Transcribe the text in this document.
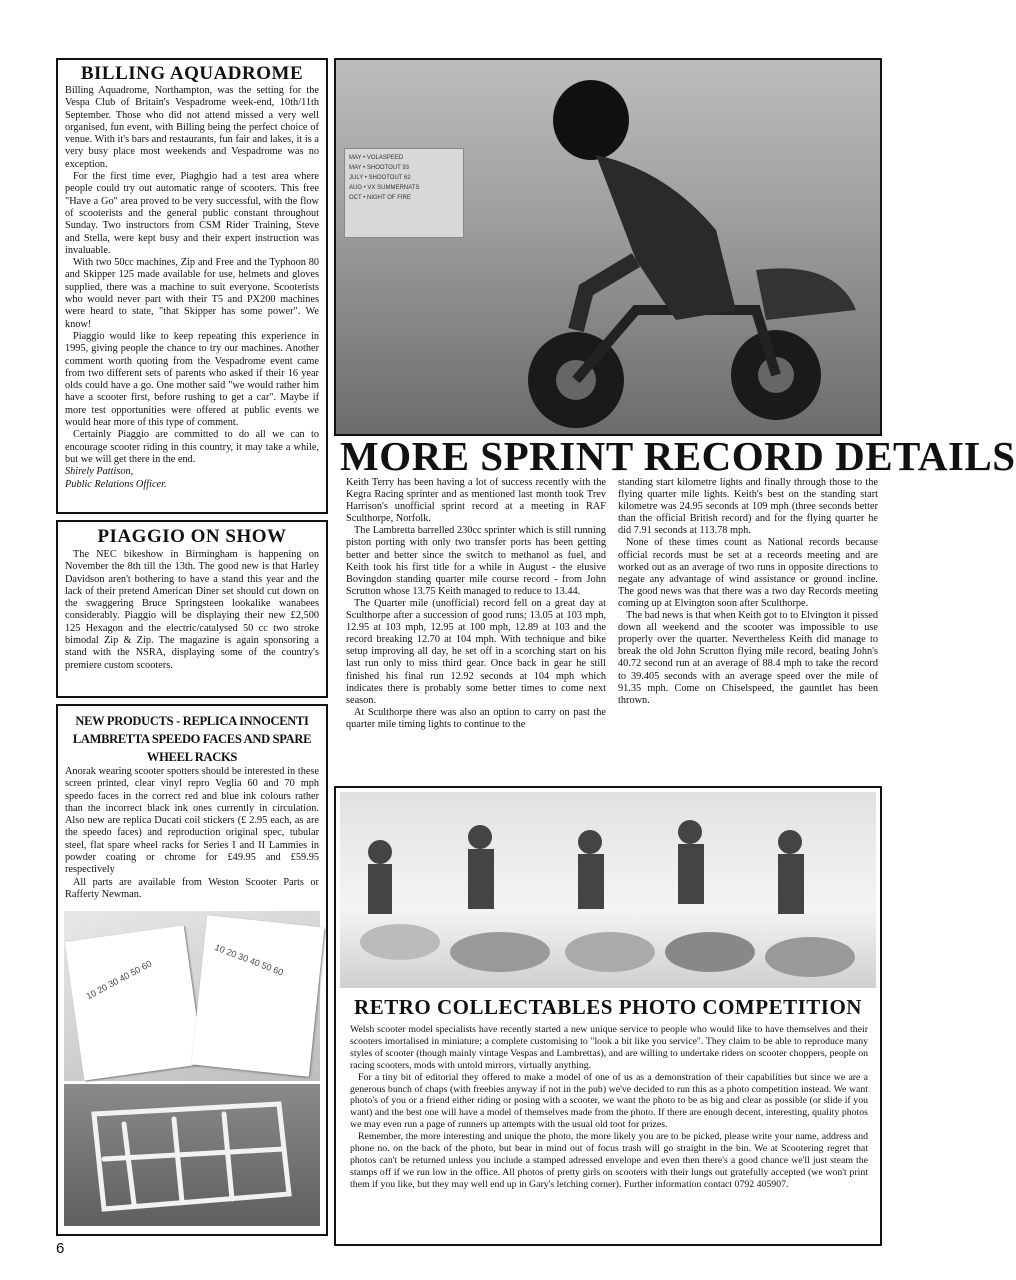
BILLING AQUADROME

Billing Aquadrome, Northampton, was the setting for the Vespa Club of Britain's Vespadrome week-end, 10th/11th September. Those who did not attend missed a very well organised, fun event, with Billing being the perfect choice of venue. With it's bars and restaurants, fun fair and lakes, it is a very busy place most weekends and Vespadrome was no exception.

For the first time ever, Piaghgio had a test area where people could try out automatic range of scooters. This free "Have a Go" area proved to be very successful, with the flow of scooterists and the general public constant throughout Sunday. Two instructors from CSM Rider Training, Steve and Stella, were kept busy and their expert instruction was invaluable.

With two 50cc machines, Zip and Free and the Typhoon 80 and Skipper 125 made available for use, helmets and gloves supplied, there was a machine to suit everyone. Scooterists who would never part with their T5 and PX200 machines were heard to state, "that Skipper has some power". We know!

Piaggio would like to keep repeating this experience in 1995, giving people the chance to try our machines. Another comment worth quoting from the Vespadrome event came from two different sets of parents who asked if their 16 year olds could have a go. One mother said "we would rather him have a scooter first, before rushing to get a car". Maybe if more test opportunities were offered at public events we would hear more of this type of comment.

Certainly Piaggio are committed to do all we can to encourage scooter riding in this country, it may take a while, but we will get there in the end.

Shirely Pattison,
Public Relations Officer.
PIAGGIO ON SHOW

The NEC bikeshow in Birmingham is happening on November the 8th till the 13th. The good new is that Harley Davidson aren't bothering to have a stand this year and the lack of their pretend American Diner set should cut down on the swaggering Bruce Springsteen lookalike wanabees considerably. Piaggio will be displaying their new £2,500 125 Hexagon and the electric/catalysed 50 cc two stroke bimodal Zip & Zip. The magazine is again sponsoring a stand with the NSRA, displaying some of the country's premiere custom scooters.

NEW PRODUCTS - REPLICA INNOCENTI LAMBRETTA SPEEDO FACES AND SPARE WHEEL RACKS

Anorak wearing scooter spotters should be interested in these screen printed, clear vinyl repro Veglia 60 and 70 mph speedo faces in the correct red and blue ink colours rather than the incorrect black ink ones currently in circulation. Also new are replica Ducati coil stickers (£ 2.95 each, as are the speedo faces) and reproduction original spec, tubular steel, flat spare wheel racks for Series I and II Lammies in powder coating or chrome for £49.95 and £59.95 respectively

All parts are available from Weston Scooter Parts or Rafferty Newman.

10 20 30 40 50 60	10 20 30 40 50 60
MAY • VOLASPEED
MAY • SHOOTOUT 93
JULY • SHOOTOUT 62
AUG • VX SUMMERNATS
OCT • NIGHT OF FIRE
MORE SPRINT RECORD DETAILS

Keith Terry has been having a lot of success recently with the Kegra Racing sprinter and as mentioned last month took Trev Harrison's unofficial sprint record at a meeting in RAF Sculthorpe, Norfolk.

The Lambretta barrelled 230cc sprinter which is still running piston porting with only two transfer ports has been getting better and better since the switch to methanol as fuel, and Keith took his first title for a while in August - the elusive Bovingdon standing quarter mile course record - from John Scrutton whose 13.75 Keith managed to reduce to 13.44.

The Quarter mile (unofficial) record fell on a great day at Sculthorpe after a succession of good runs; 13.05 at 103 mph, 12.95 at 103 mph, 12.95 at 100 mph, 12.89 at 103 and the record breaking 12.70 at 104 mph. With technique and bike setup improving all day, he set off in a scorching start on his last run only to miss third gear. Once back in gear he still finished his final run 12.92 seconds at 104 mph which indicates there is probably some better times to come next season.

At Sculthorpe there was also an option to carry on past the quarter mile timing lights to continue to the

standing start kilometre lights and finally through those to the flying quarter mile lights. Keith's best on the standing start kilometre was 24.95 seconds at 109 mph (three seconds better than the official British record) and for the flying quarter he did 7.91 seconds at 113.78 mph.

None of these times count as National records because official records must be set at a receords meeting and are worked out as an average of two runs in opposite directions to negate any advantage of wind assistance or ground incline. The good news was that there was a two day Records meeting coming up at Elvington soon after Sculthorpe.

The bad news is that when Keith got to to Elvington it pissed down all weekend and the scooter was impossible to use properly over the quarter. Nevertheless Keith did manage to break the old John Scrutton flying mile record, beating John's 40.72 second run at an average of 88.4 mph to take the record to 39.405 seconds with an average speed over the mile of 91.35 mph. Come on Chiselspeed, the gauntlet has been thrown.

RETRO COLLECTABLES PHOTO COMPETITION

Welsh scooter model specialists have recently started a new unique service to people who would like to have themselves and their scooters imortalised in miniature; a complete customising to "look a bit like you service". They claim to be able to reproduce many styles of scooter (though mainly vintage Vespas and Lambrettas), and are willing to undertake riders on scooter choppers, people on racing scooters, mods with untold mirrors, virtually anything.

For a tiny bit of editorial they offered to make a model of one of us as a demonstration of their capabilities but since we are a generous bunch of chaps (with freebies anyway if not in the pub) we've decided to run this as a photo competition instead. We want photo's of you or a friend either riding or posing with a scooter, we want the photo to be as big and clear as possible (or slide if you want) and the best one will have a model of themselves made from the photo. If there are enough decent, interesting, quality photos we may even run a page of runners up attempts with the usual old toot for prizes.

Remember, the more interesting and unique the photo, the more likely you are to be picked, please write your name, address and phone no. on the back of the photo, but bear in mind out of focus trash will go straight in the bin. We at Scootering regret that photos can't be returned unless you include a stamped adressed envelope and even then there's a good chance we'll just steam the stamps off if we run low in the office. All photos of pretty girls on scooters with their lungs out gratefully accepted (we won't print them if you like, but they may well end up in Gary's letching corner). Further information contact 0792 405907.

6
